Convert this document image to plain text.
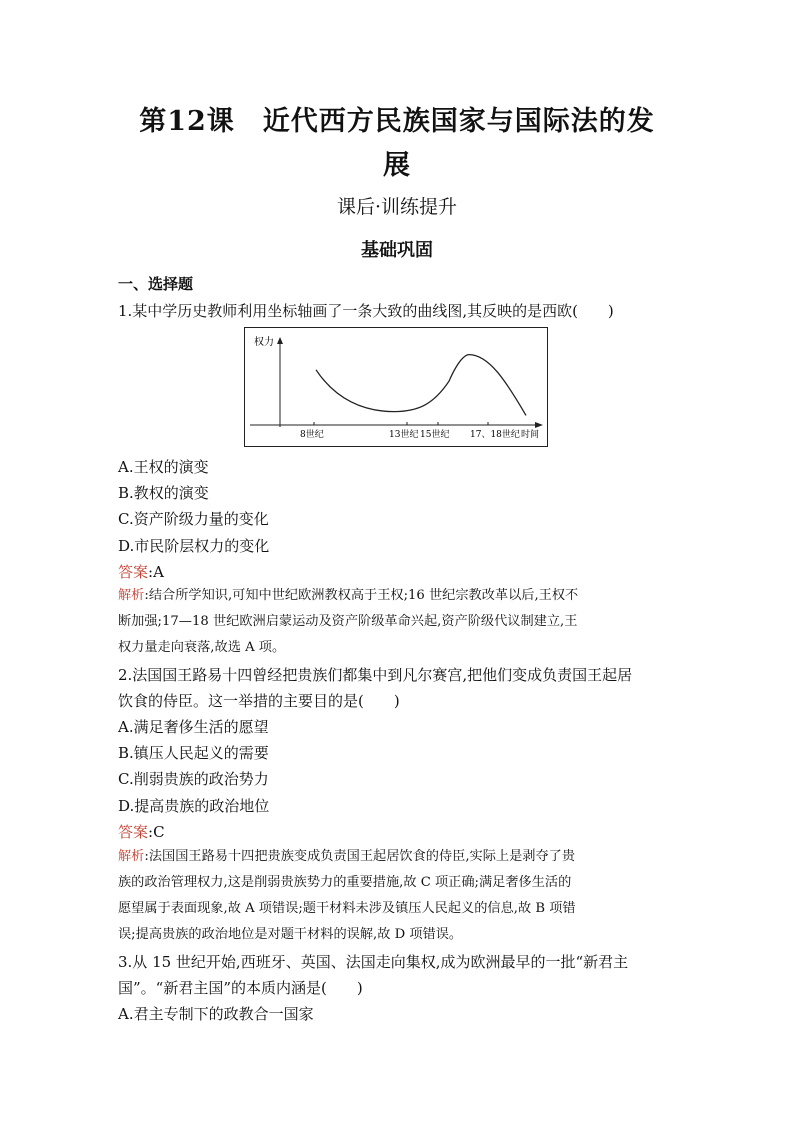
第12课　近代西方民族国家与国际法的发
展
课后·训练提升
基础巩固
一、选择题
1.某中学历史教师利用坐标轴画了一条大致的曲线图,其反映的是西欧(　　)
权力
时间
8世纪	13世纪 15世纪 17、18世纪
A.王权的演变
B.教权的演变
C.资产阶级力量的变化
D.市民阶层权力的变化
答案:A
解析:结合所学知识,可知中世纪欧洲教权高于王权;16 世纪宗教改革以后,王权不
断加强;17—18 世纪欧洲启蒙运动及资产阶级革命兴起,资产阶级代议制建立,王
权力量走向衰落,故选 A 项。
2.法国国王路易十四曾经把贵族们都集中到凡尔赛宫,把他们变成负责国王起居
饮食的侍臣。这一举措的主要目的是(　　)
A.满足奢侈生活的愿望
B.镇压人民起义的需要
C.削弱贵族的政治势力
D.提高贵族的政治地位
答案:C
解析:法国国王路易十四把贵族变成负责国王起居饮食的侍臣,实际上是剥夺了贵
族的政治管理权力,这是削弱贵族势力的重要措施,故 C 项正确;满足奢侈生活的
愿望属于表面现象,故 A 项错误;题干材料未涉及镇压人民起义的信息,故 B 项错
误;提高贵族的政治地位是对题干材料的误解,故 D 项错误。
3.从 15 世纪开始,西班牙、英国、法国走向集权,成为欧洲最早的一批“新君主
国”。“新君主国”的本质内涵是(　　)
A.君主专制下的政教合一国家
